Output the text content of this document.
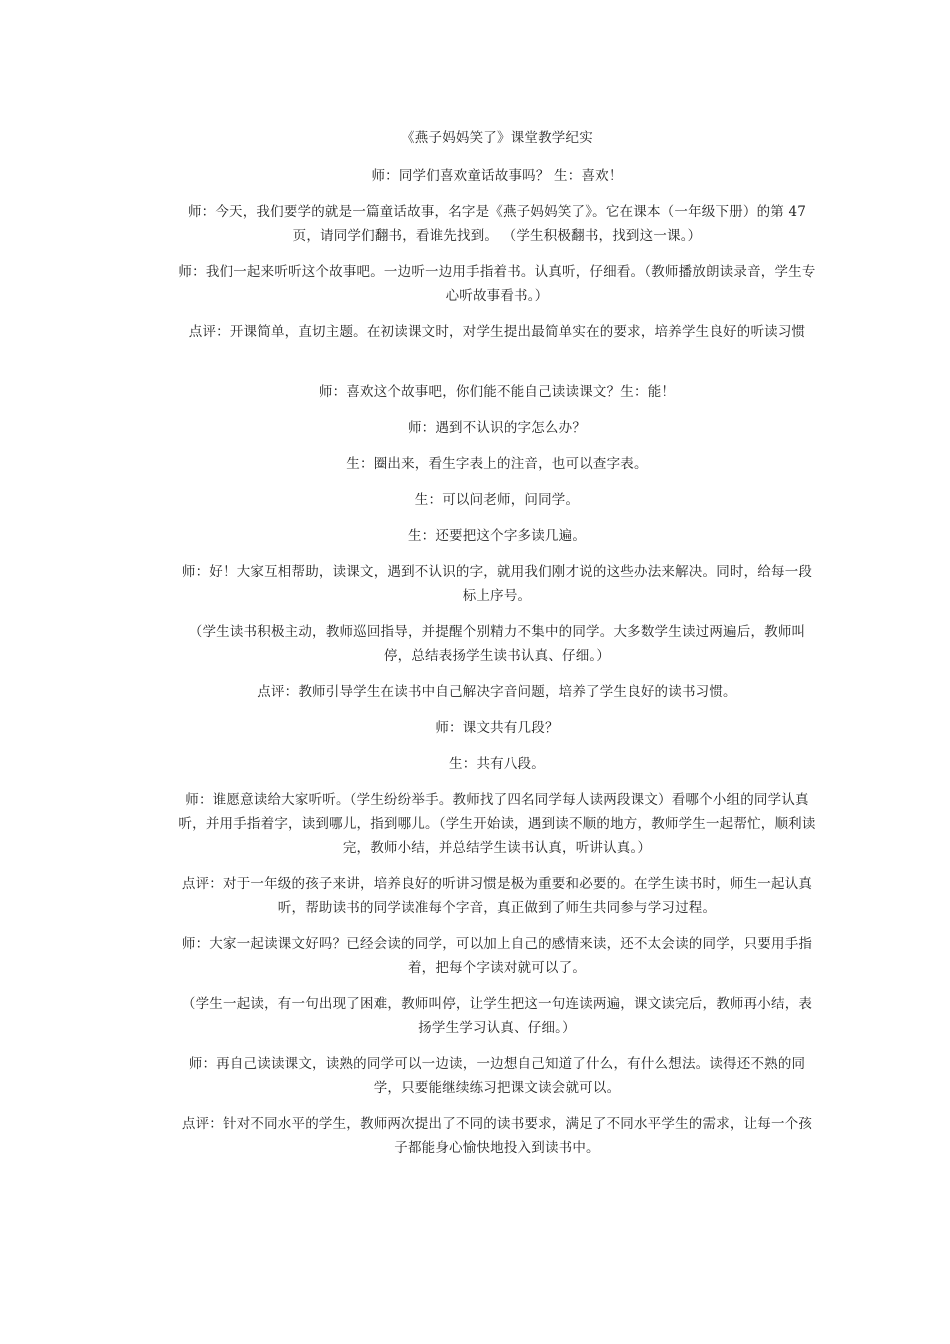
《燕子妈妈笑了》课堂教学纪实

师：同学们喜欢童话故事吗？ 生：喜欢！

师：今天，我们要学的就是一篇童话故事，名字是《燕子妈妈笑了》。它在课本（一年级下册）的第 47 页，请同学们翻书，看谁先找到。 （学生积极翻书，找到这一课。）

师：我们一起来听听这个故事吧。一边听一边用手指着书。认真听，仔细看。（教师播放朗读录音，学生专心听故事看书。）

点评：开课简单，直切主题。在初读课文时，对学生提出最简单实在的要求，培养学生良好的听读习惯

师：喜欢这个故事吧，你们能不能自己读读课文？生：能！

师：遇到不认识的字怎么办？

生：圈出来，看生字表上的注音，也可以查字表。

生：可以问老师，问同学。

生：还要把这个字多读几遍。

师：好！大家互相帮助，读课文，遇到不认识的字，就用我们刚才说的这些办法来解决。同时，给每一段标上序号。

（学生读书积极主动，教师巡回指导，并提醒个别精力不集中的同学。大多数学生读过两遍后，教师叫停，总结表扬学生读书认真、仔细。）

点评：教师引导学生在读书中自己解决字音问题，培养了学生良好的读书习惯。

师：课文共有几段？

生：共有八段。

师：谁愿意读给大家听听。（学生纷纷举手。教师找了四名同学每人读两段课文）看哪个小组的同学认真听，并用手指着字，读到哪儿，指到哪儿。（学生开始读，遇到读不顺的地方，教师学生一起帮忙，顺利读完，教师小结，并总结学生读书认真，听讲认真。）

点评：对于一年级的孩子来讲，培养良好的听讲习惯是极为重要和必要的。在学生读书时，师生一起认真听，帮助读书的同学读准每个字音，真正做到了师生共同参与学习过程。

师：大家一起读课文好吗？已经会读的同学，可以加上自己的感情来读，还不太会读的同学，只要用手指着，把每个字读对就可以了。

（学生一起读，有一句出现了困难，教师叫停，让学生把这一句连读两遍，课文读完后，教师再小结，表扬学生学习认真、仔细。）

师：再自己读读课文，读熟的同学可以一边读，一边想自己知道了什么，有什么想法。读得还不熟的同学，只要能继续练习把课文读会就可以。

点评：针对不同水平的学生，教师两次提出了不同的读书要求，满足了不同水平学生的需求，让每一个孩子都能身心愉快地投入到读书中。
